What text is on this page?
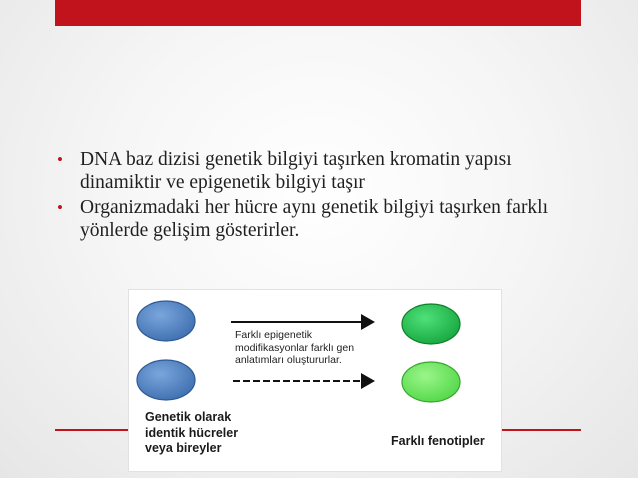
• DNA baz dizisi genetik bilgiyi taşırken kromatin yapısı dinamiktir ve epigenetik bilgiyi taşır
• Organizmadaki her hücre aynı genetik bilgiyi taşırken farklı yönlerde gelişim gösterirler.
Farklı epigenetik
modifikasyonlar farklı gen
anlatımları oluştururlar.
Genetik olarak
identik hücreler
veya bireyler	Farklı fenotipler
